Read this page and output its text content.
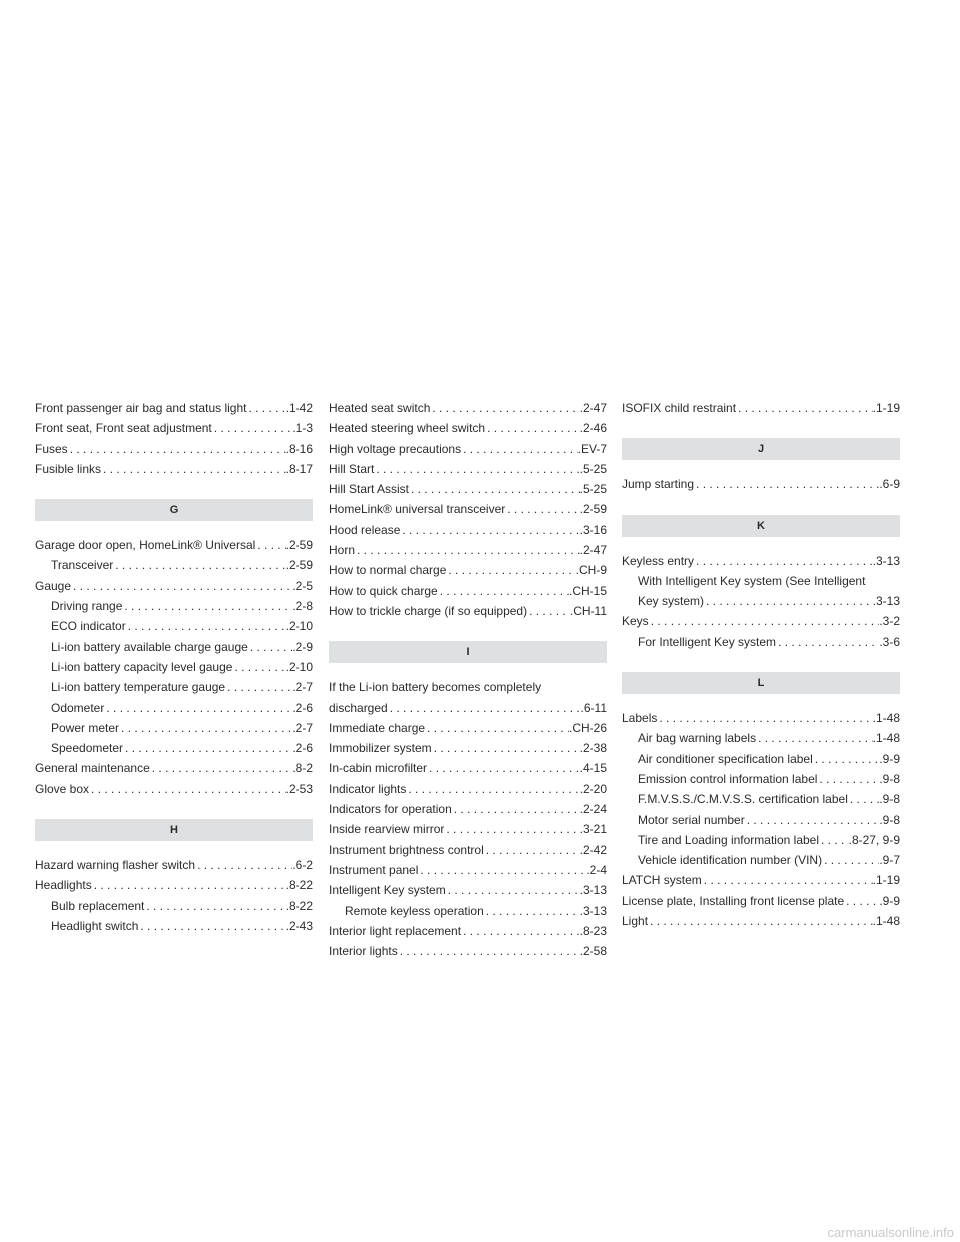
Front passenger air bag and status light . . .	.1-42
Front seat, Front seat adjustment . . .	.1-3
Fuses . . .	.8-16
Fusible links . . .	.8-17
G
Garage door open, HomeLink® Universal . . .	.2-59
Transceiver . . .	.2-59
Gauge . . .	.2-5
Driving range . . .	.2-8
ECO indicator . . .	.2-10
Li-ion battery available charge gauge . . .	.2-9
Li-ion battery capacity level gauge . . .	.2-10
Li-ion battery temperature gauge . . .	.2-7
Odometer . . .	.2-6
Power meter . . .	.2-7
Speedometer . . .	.2-6
General maintenance . . .	.8-2
Glove box . . .	.2-53
H
Hazard warning flasher switch . . .	.6-2
Headlights . . .	.8-22
Bulb replacement . . .	.8-22
Headlight switch . . .	.2-43
Heated seat switch . . .	.2-47
Heated steering wheel switch . . .	.2-46
High voltage precautions . . .	.EV-7
Hill Start . . .	.5-25
Hill Start Assist . . .	.5-25
HomeLink® universal transceiver . . .	.2-59
Hood release . . .	.3-16
Horn . . .	.2-47
How to normal charge . . .	.CH-9
How to quick charge . . .	.CH-15
How to trickle charge (if so equipped) . . .	.CH-11
I
If the Li-ion battery becomes completely
discharged . . .	.6-11
Immediate charge . . .	.CH-26
Immobilizer system . . .	.2-38
In-cabin microfilter . . .	.4-15
Indicator lights . . .	.2-20
Indicators for operation . . .	.2-24
Inside rearview mirror . . .	.3-21
Instrument brightness control . . .	.2-42
Instrument panel . . .	.2-4
Intelligent Key system . . .	.3-13
Remote keyless operation . . .	.3-13
Interior light replacement . . .	.8-23
Interior lights . . .	.2-58
ISOFIX child restraint . . .	.1-19
J
Jump starting . . .	.6-9
K
Keyless entry . . .	.3-13
With Intelligent Key system (See Intelligent
Key system) . . .	.3-13
Keys . . .	.3-2
For Intelligent Key system . . .	.3-6
L
Labels . . .	.1-48
Air bag warning labels . . .	.1-48
Air conditioner specification label . . .	.9-9
Emission control information label . . .	.9-8
F.M.V.S.S./C.M.V.S.S. certification label . . .	.9-8
Motor serial number . . .	.9-8
Tire and Loading information label . . . .8-27, 9-9
Vehicle identification number (VIN) . . .	.9-7
LATCH system . . .	.1-19
License plate, Installing front license plate . . .	.9-9
Light . . .	.1-48
carmanualsonline.info
